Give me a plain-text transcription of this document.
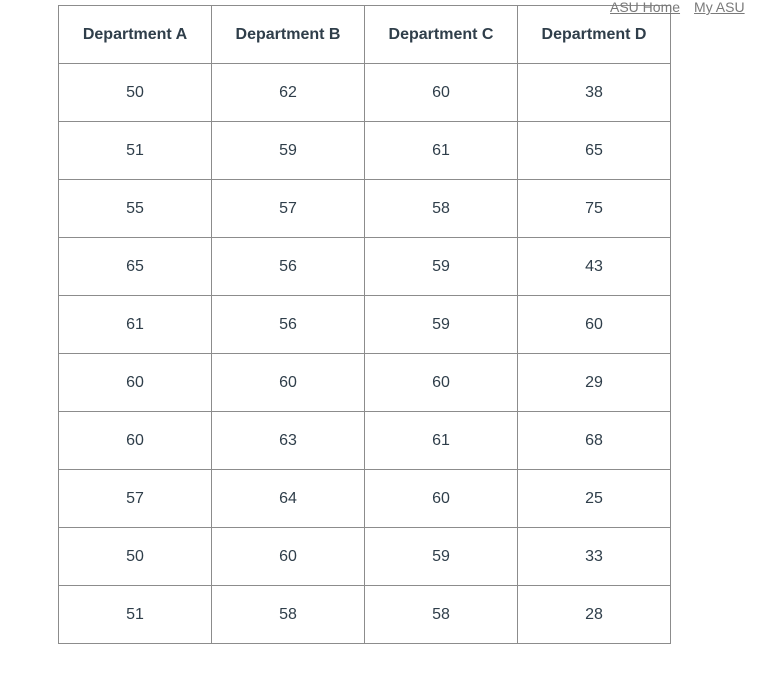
ASU Home My ASU
Department A	Department B	Department C	Department D
50	62	60	38
51	59	61	65
55	57	58	75
65	56	59	43
61	56	59	60
60	60	60	29
60	63	61	68
57	64	60	25
50	60	59	33
51	58	58	28
